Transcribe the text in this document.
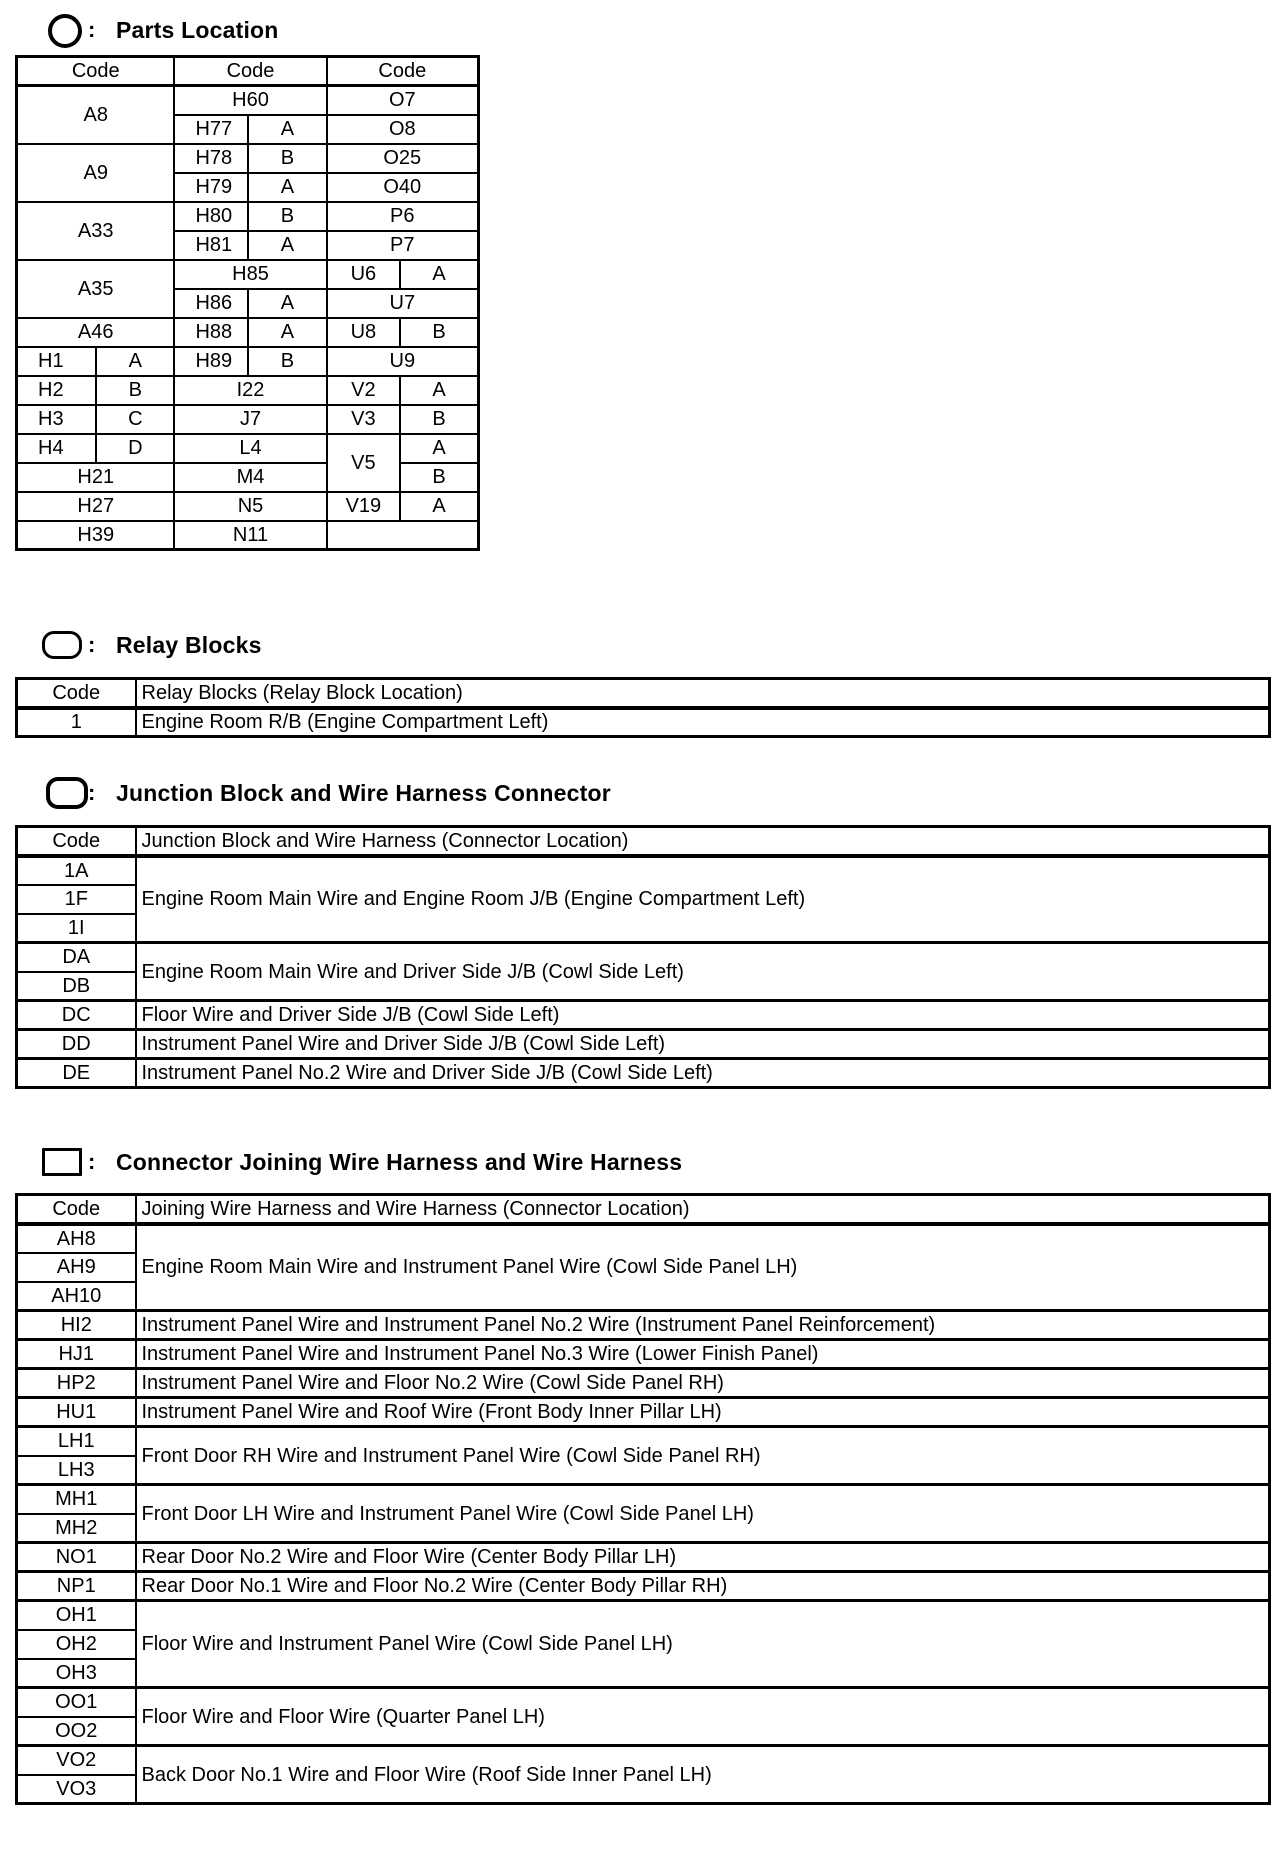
: Parts Location
Code		Code		Code	
A8		H60		O7	
		H77	A	O8	
A9		H78	B	O25	
		H79	A	O40	
A33		H80	B	P6	
		H81	A	P7	
A35		H85		U6	A
		H86	A	U7	
A46		H88	A	U8	B
H1	A	H89	B	U9	
H2	B	I22		V2	A
H3	C	J7		V3	B
H4	D	L4		V5	A
H21		M4			B
H27		N5		V19	A
H39		N11			
: Relay Blocks
Code	Relay Blocks (Relay Block Location)
1	Engine Room R/B (Engine Compartment Left)
: Junction Block and Wire Harness Connector
Code	Junction Block and Wire Harness (Connector Location)
1A	Engine Room Main Wire and Engine Room J/B (Engine Compartment Left)
1F	
1I	
DA	Engine Room Main Wire and Driver Side J/B (Cowl Side Left)
DB	
DC	Floor Wire and Driver Side J/B (Cowl Side Left)
DD	Instrument Panel Wire and Driver Side J/B (Cowl Side Left)
DE	Instrument Panel No.2 Wire and Driver Side J/B (Cowl Side Left)
: Connector Joining Wire Harness and Wire Harness
Code	Joining Wire Harness and Wire Harness (Connector Location)
AH8	Engine Room Main Wire and Instrument Panel Wire (Cowl Side Panel LH)
AH9	
AH10	
HI2	Instrument Panel Wire and Instrument Panel No.2 Wire (Instrument Panel Reinforcement)
HJ1	Instrument Panel Wire and Instrument Panel No.3 Wire (Lower Finish Panel)
HP2	Instrument Panel Wire and Floor No.2 Wire (Cowl Side Panel RH)
HU1	Instrument Panel Wire and Roof Wire (Front Body Inner Pillar LH)
LH1	Front Door RH Wire and Instrument Panel Wire (Cowl Side Panel RH)
LH3	
MH1	Front Door LH Wire and Instrument Panel Wire (Cowl Side Panel LH)
MH2	
NO1	Rear Door No.2 Wire and Floor Wire (Center Body Pillar LH)
NP1	Rear Door No.1 Wire and Floor No.2 Wire (Center Body Pillar RH)
OH1	Floor Wire and Instrument Panel Wire (Cowl Side Panel LH)
OH2	
OH3	
OO1	Floor Wire and Floor Wire (Quarter Panel LH)
OO2	
VO2	Back Door No.1 Wire and Floor Wire (Roof Side Inner Panel LH)
VO3	
